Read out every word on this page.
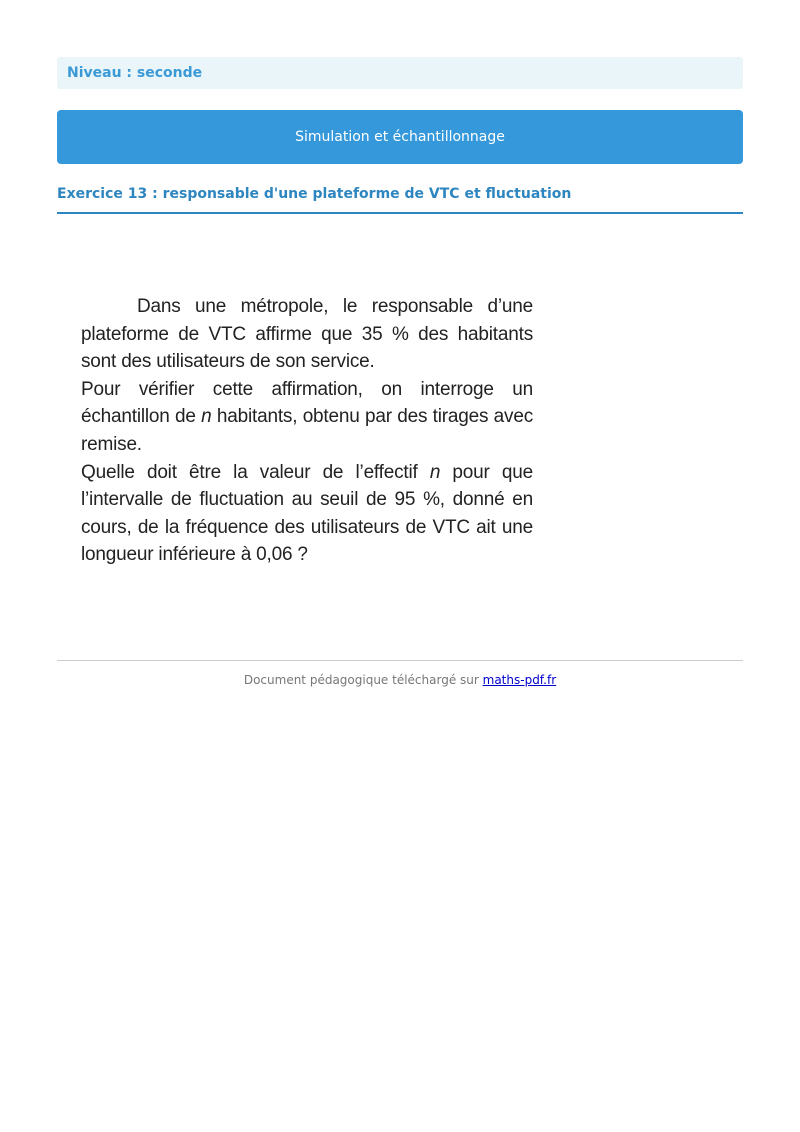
Niveau : seconde
Simulation et échantillonnage
Exercice 13 : responsable d'une plateforme de VTC et fluctuation

Dans une métropole, le responsable d’une plateforme de VTC affirme que 35 % des habitants sont des utilisateurs de son service.

Pour vérifier cette affirmation, on interroge un échantillon de n habitants, obtenu par des tirages avec remise.

Quelle doit être la valeur de l’effectif n pour que l’intervalle de fluctuation au seuil de 95 %, donné en cours, de la fréquence des utilisateurs de VTC ait une longueur inférieure à 0,06 ?

Document pédagogique téléchargé sur maths-pdf.fr
